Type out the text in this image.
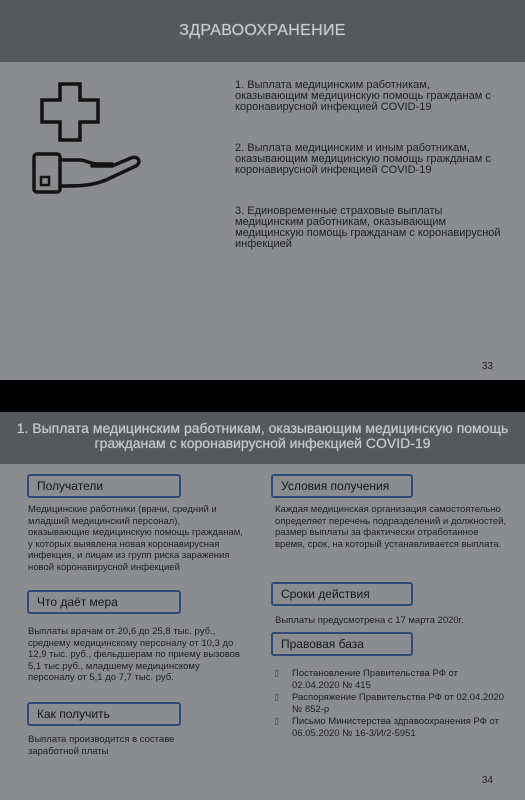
ЗДРАВООХРАНЕНИЕ

1. Выплата медицинским работникам, оказывающим медицинскую помощь гражданам с коронавирусной инфекцией COVID-19

2. Выплата медицинским и иным работникам, оказывающим медицинскую помощь гражданам с коронавирусной инфекцией COVID-19

3. Единовременные страховые выплаты медицинским работникам, оказывающим медицинскую помощь гражданам с коронавирусной инфекцией

33
1. Выплата медицинским работникам, оказывающим медицинскую помощь гражданам с коронавирусной инфекцией COVID-19
Получатели
Медицинские работники (врачи, средний и младший медицинский персонал), оказывающие медицинскую помощь гражданам, у которых выявлена новая коронавирусная инфекция, и лицам из групп риска заражения новой коронавирусной инфекцией
Что даёт мера
Выплаты врачам от 20,6 до 25,8 тыс. руб., среднему медицинскому персоналу от 10,3 до 12,9 тыс. руб., фельдшерам по приему вызовов 5,1 тыс.руб., младшему медицинскому персоналу от 5,1 до 7,7 тыс. руб.
Как получить
Выплата производится в составе заработной платы
Условия получения
Каждая медицинская организация самостоятельно определяет перечень подразделений и должностей, размер выплаты за фактически отработанное время, срок, на который устанавливается выплата.
Сроки действия
Выплаты предусмотрена с 17 марта 2020г.
Правовая база
▯ Постановление Правительства РФ от 02.04.2020 № 415
▯ Распоряжение Правительства РФ от 02.04.2020 № 852-р
▯ Письмо Министерства здравоохранения РФ от 06.05.2020 № 16-3/И/2-5951
34
